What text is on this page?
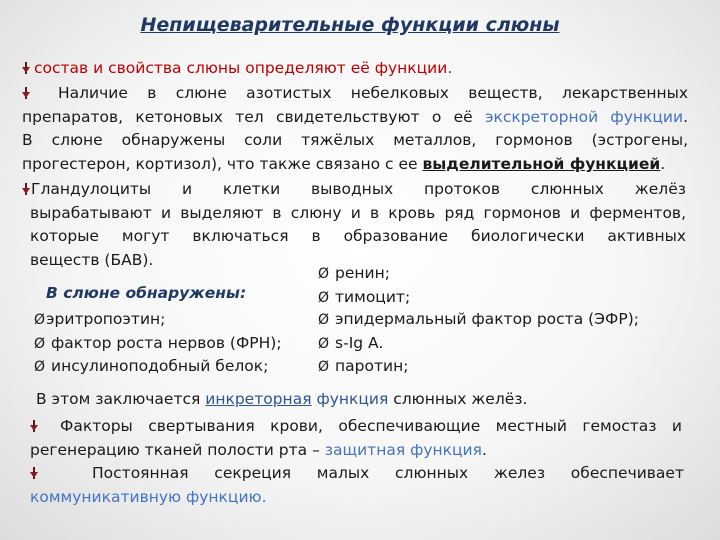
Непищеварительные функции слюны
состав и свойства слюны определяют её функции.
Наличие в слюне азотистых небелковых веществ, лекарственных
препаратов, кетоновых тел свидетельствуют о её экскреторной функции.
В слюне обнаружены соли тяжёлых металлов, гормонов (эстрогены,
прогестерон, кортизол), что также связано с ее выделительной функцией.
Гландулоциты и клетки выводных протоков слюнных желёз
вырабатывают и выделяют в слюну и в кровь ряд гормонов и ферментов,
которые могут включаться в образование биологически активных
веществ (БАВ).
В слюне обнаружены:
Øэритропоэтин;
Ø фактор роста нервов (ФРН);
Ø инсулиноподобный белок;
Ø ренин;
Ø тимоцит;
Ø эпидермальный фактор роста (ЭФР);
Ø s-Ig A.
Ø паротин;
В этом заключается инкреторная функция слюнных желёз.
Факторы свертывания крови, обеспечивающие местный гемостаз и
регенерацию тканей полости рта – защитная функция.
Постоянная секреция малых слюнных желез обеспечивает
коммуникативную функцию.
